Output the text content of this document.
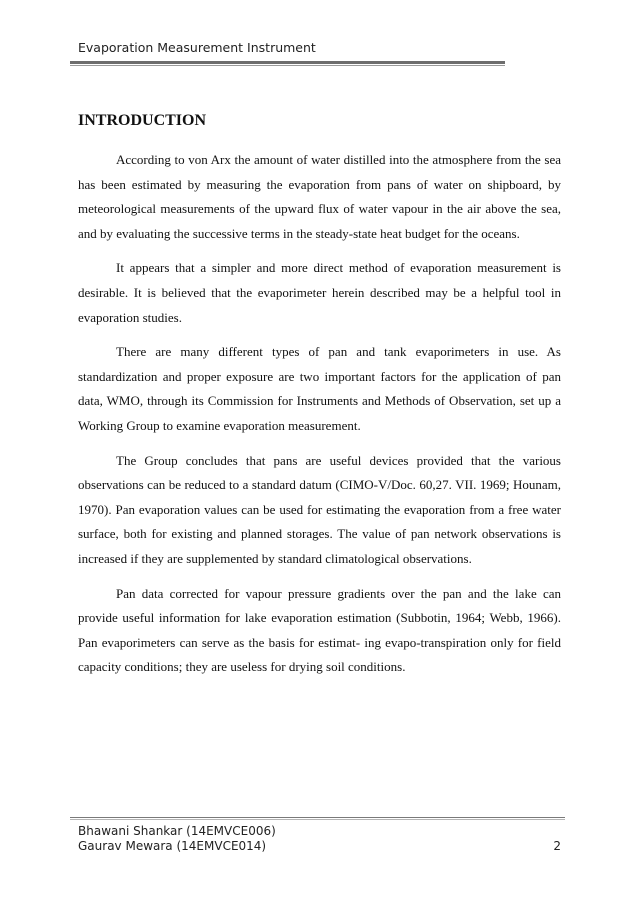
Evaporation Measurement Instrument
INTRODUCTION

According to von Arx the amount of water distilled into the atmosphere from the sea has been estimated by measuring the evaporation from pans of water on shipboard, by meteorological measurements of the upward flux of water vapour in the air above the sea, and by evaluating the successive terms in the steady-state heat budget for the oceans.

It appears that a simpler and more direct method of evaporation measurement is desirable. It is believed that the evaporimeter herein described may be a helpful tool in evaporation studies.

There are many different types of pan and tank evaporimeters in use. As standardization and proper exposure are two important factors for the application of pan data, WMO, through its Commission for Instruments and Methods of Observation, set up a Working Group to examine evaporation measurement.

The Group concludes that pans are useful devices provided that the various observations can be reduced to a standard datum (CIMO-V/Doc. 60,27. VII. 1969; Hounam, 1970). Pan evaporation values can be used for estimating the evaporation from a free water surface, both for existing and planned storages. The value of pan network observations is increased if they are supplemented by standard climatological observations.

Pan data corrected for vapour pressure gradients over the pan and the lake can provide useful information for lake evaporation estimation (Subbotin, 1964; Webb, 1966). Pan evaporimeters can serve as the basis for estimat- ing evapo-transpiration only for field capacity conditions; they are useless for drying soil conditions.

Bhawani Shankar (14EMVCE006)
Gaurav Mewara (14EMVCE014)	2
